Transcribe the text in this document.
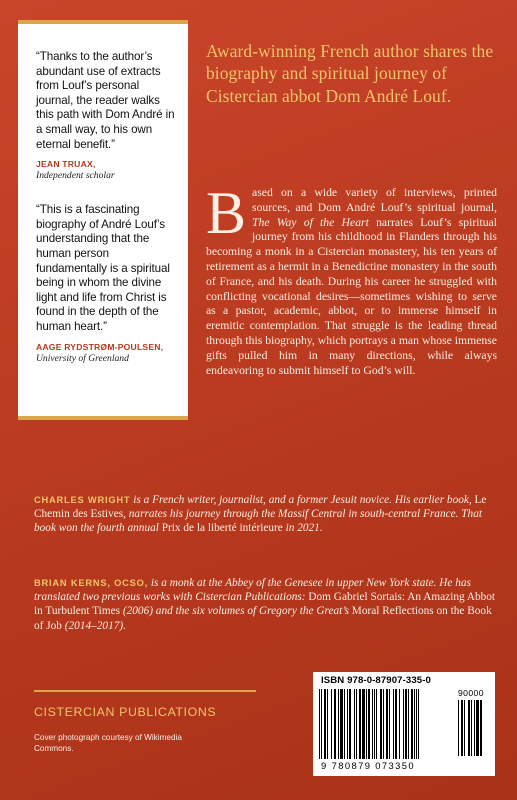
“Thanks to the author’s abundant use of extracts from Louf’s personal journal, the reader walks this path with Dom André in a small way, to his own eternal benefit.”
JEAN TRUAX,
Independent scholar
“This is a fascinating biography of André Louf’s understanding that the human person fundamentally is a spiritual being in whom the divine light and life from Christ is found in the depth of the human heart.”
AAGE RYDSTRØM-POULSEN,
University of Greenland
Award-winning French author shares the biography and spiritual journey of Cistercian abbot Dom André Louf.
Based on a wide variety of interviews, printed sources, and Dom André Louf’s spiritual journal, The Way of the Heart narrates Louf’s spiritual journey from his childhood in Flanders through his becoming a monk in a Cistercian monastery, his ten years of retirement as a hermit in a Benedictine monastery in the south of France, and his death. During his career he struggled with conflicting vocational desires—sometimes wishing to serve as a pastor, academic, abbot, or to immerse himself in eremitic contemplation. That struggle is the leading thread through this biography, which portrays a man whose immense gifts pulled him in many directions, while always endeavoring to submit himself to God’s will.
CHARLES WRIGHT is a French writer, journalist, and a former Jesuit novice. His earlier book, Le Chemin des Estives, narrates his journey through the Massif Central in south-central France. That book won the fourth annual Prix de la liberté intérieure in 2021.
BRIAN KERNS, OCSO, is a monk at the Abbey of the Genesee in upper New York state. He has translated two previous works with Cistercian Publications: Dom Gabriel Sortais: An Amazing Abbot in Turbulent Times (2006) and the six volumes of Gregory the Great’s Moral Reflections on the Book of Job (2014–2017).
CISTERCIAN PUBLICATIONS
Cover photograph courtesy of Wikimedia Commons.
ISBN 978-0-87907-335-0
90000
9 780879 073350
